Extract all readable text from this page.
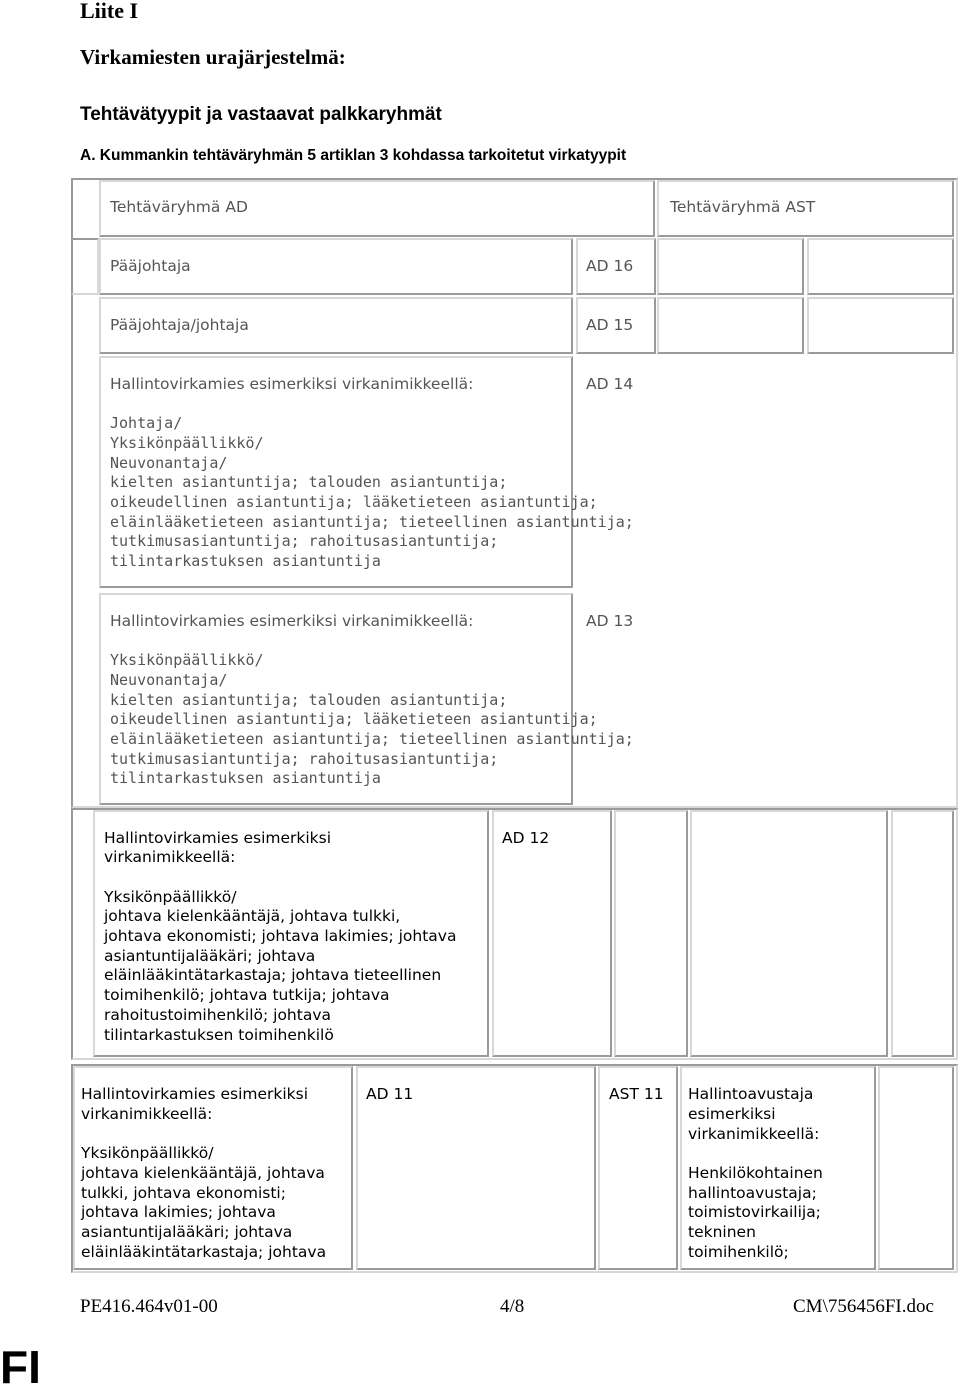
Liite I
Virkamiesten urajärjestelmä:
Tehtävätyypit ja vastaavat palkkaryhmät
A. Kummankin tehtäväryhmän 5 artiklan 3 kohdassa tarkoitetut virkatyypit
Tehtäväryhmä AD	Tehtäväryhmä AST
Pääjohtaja	AD 16
Pääjohtaja/johtaja	AD 15
Hallintovirkamies esimerkiksi virkanimikkeellä:
Johtaja/
Yksikönpäällikkö/
Neuvonantaja/
kielten asiantuntija; talouden asiantuntija;
oikeudellinen asiantuntija; lääketieteen asiantuntija;
eläinlääketieteen asiantuntija; tieteellinen asiantuntija;
tutkimusasiantuntija; rahoitusasiantuntija;
tilintarkastuksen asiantuntija
AD 14
Hallintovirkamies esimerkiksi virkanimikkeellä:
Yksikönpäällikkö/
Neuvonantaja/
kielten asiantuntija; talouden asiantuntija;
oikeudellinen asiantuntija; lääketieteen asiantuntija;
eläinlääketieteen asiantuntija; tieteellinen asiantuntija;
tutkimusasiantuntija; rahoitusasiantuntija;
tilintarkastuksen asiantuntija
AD 13
Hallintovirkamies esimerkiksi
virkanimikkeellä:
Yksikönpäällikkö/
johtava kielenkääntäjä, johtava tulkki,
johtava ekonomisti; johtava lakimies; johtava
asiantuntijalääkäri; johtava
eläinlääkintätarkastaja; johtava tieteellinen
toimihenkilö; johtava tutkija; johtava
rahoitustoimihenkilö; johtava
tilintarkastuksen toimihenkilö
AD 12
Hallintovirkamies esimerkiksi
virkanimikkeellä:
Yksikönpäällikkö/
johtava kielenkääntäjä, johtava
tulkki, johtava ekonomisti;
johtava lakimies; johtava
asiantuntijalääkäri; johtava
eläinlääkintätarkastaja; johtava
AD 11	AST 11 Hallintoavustaja
esimerkiksi
virkanimikkeellä:
Henkilökohtainen
hallintoavustaja;
toimistovirkailija;
tekninen
toimihenkilö;
PE416.464v01-00	4/8	CM\756456FI.doc
FI
